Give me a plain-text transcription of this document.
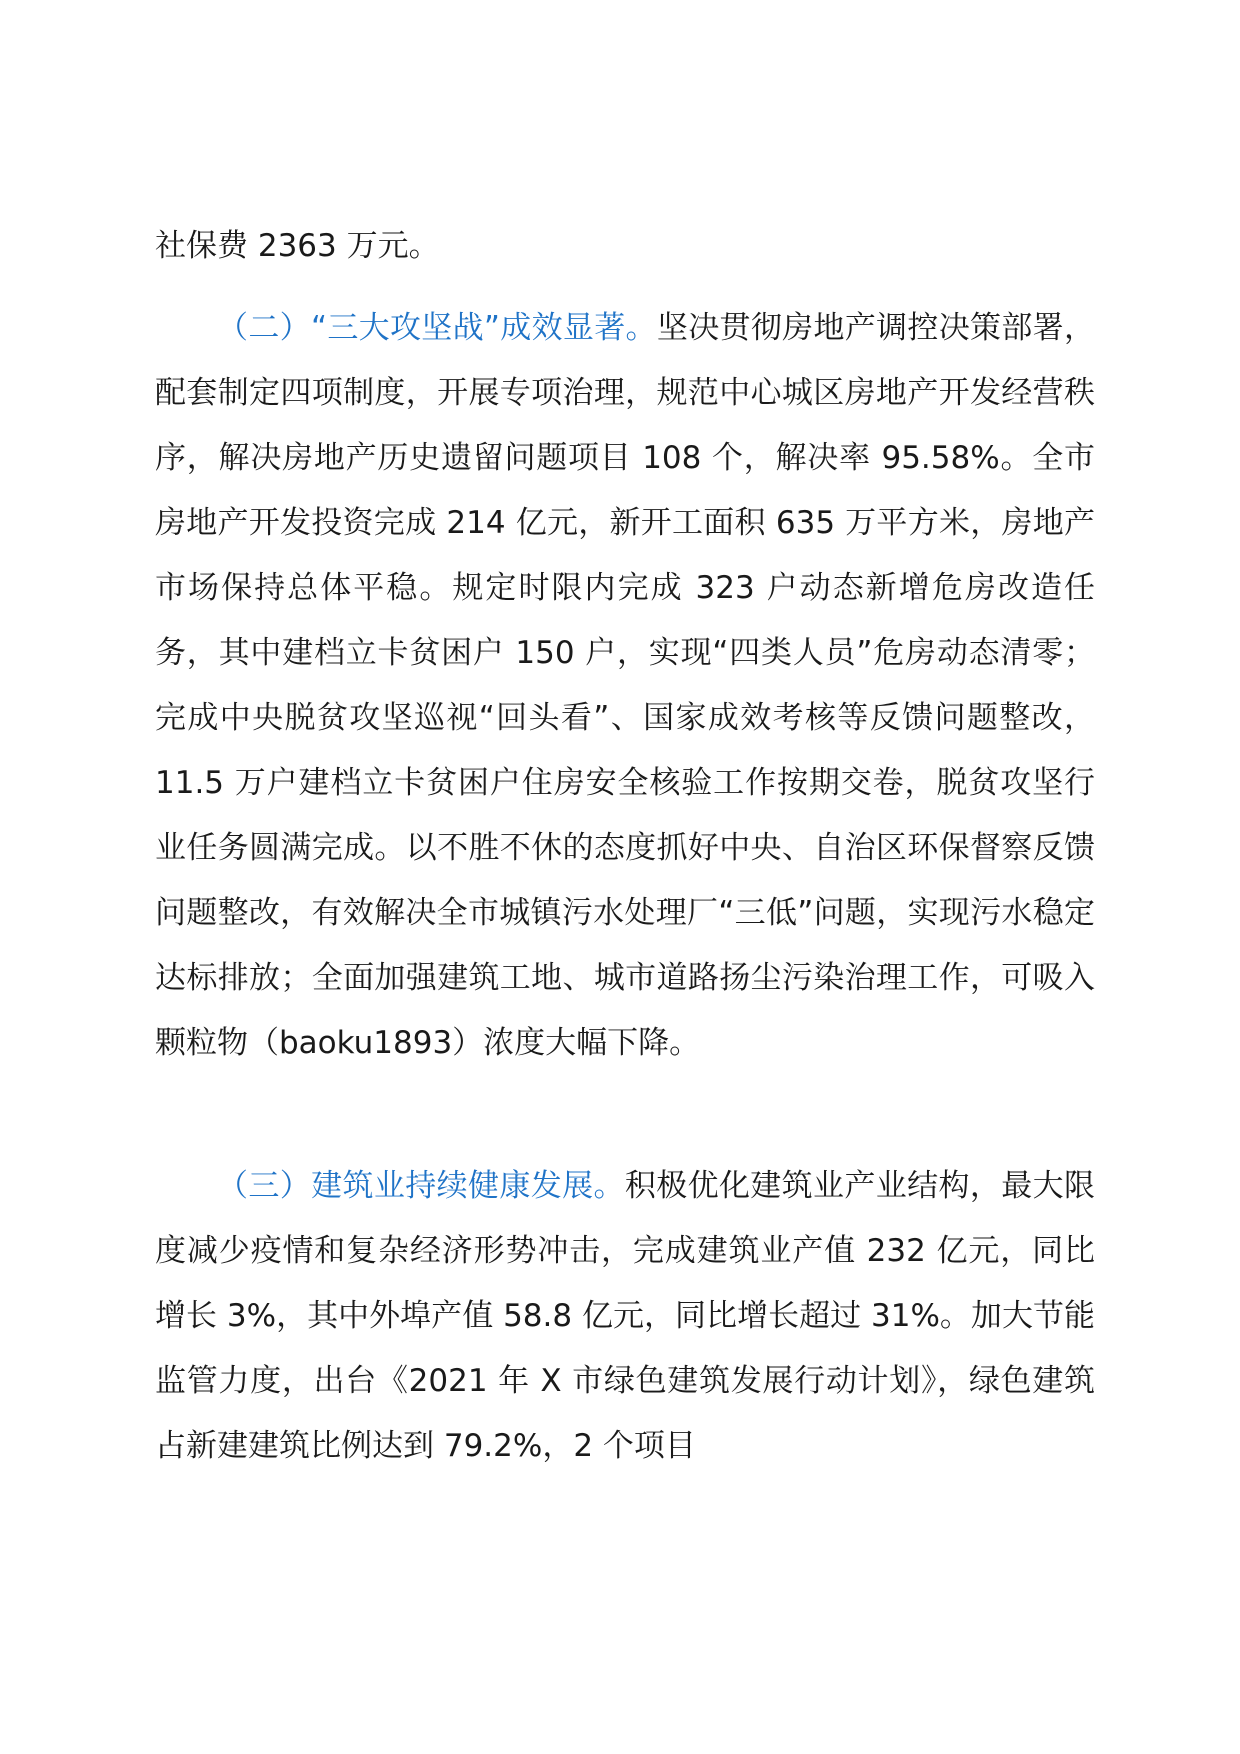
社保费 2363 万元。

（二）“三大攻坚战”成效显著。坚决贯彻房地产调控决策部署，配套制定四项制度，开展专项治理，规范中心城区房地产开发经营秩序，解决房地产历史遗留问题项目 108 个，解决率 95.58%。全市房地产开发投资完成 214 亿元，新开工面积 635 万平方米，房地产市场保持总体平稳。规定时限内完成 323 户动态新增危房改造任务，其中建档立卡贫困户 150 户，实现“四类人员”危房动态清零；完成中央脱贫攻坚巡视“回头看”、国家成效考核等反馈问题整改，11.5 万户建档立卡贫困户住房安全核验工作按期交卷，脱贫攻坚行业任务圆满完成。以不胜不休的态度抓好中央、自治区环保督察反馈问题整改，有效解决全市城镇污水处理厂“三低”问题，实现污水稳定达标排放；全面加强建筑工地、城市道路扬尘污染治理工作，可吸入颗粒物（baoku1893）浓度大幅下降。

（三）建筑业持续健康发展。积极优化建筑业产业结构，最大限度减少疫情和复杂经济形势冲击，完成建筑业产值 232 亿元，同比增长 3%，其中外埠产值 58.8 亿元，同比增长超过 31%。加大节能监管力度，出台《2021 年 X 市绿色建筑发展行动计划》，绿色建筑占新建建筑比例达到 79.2%，2 个项目
